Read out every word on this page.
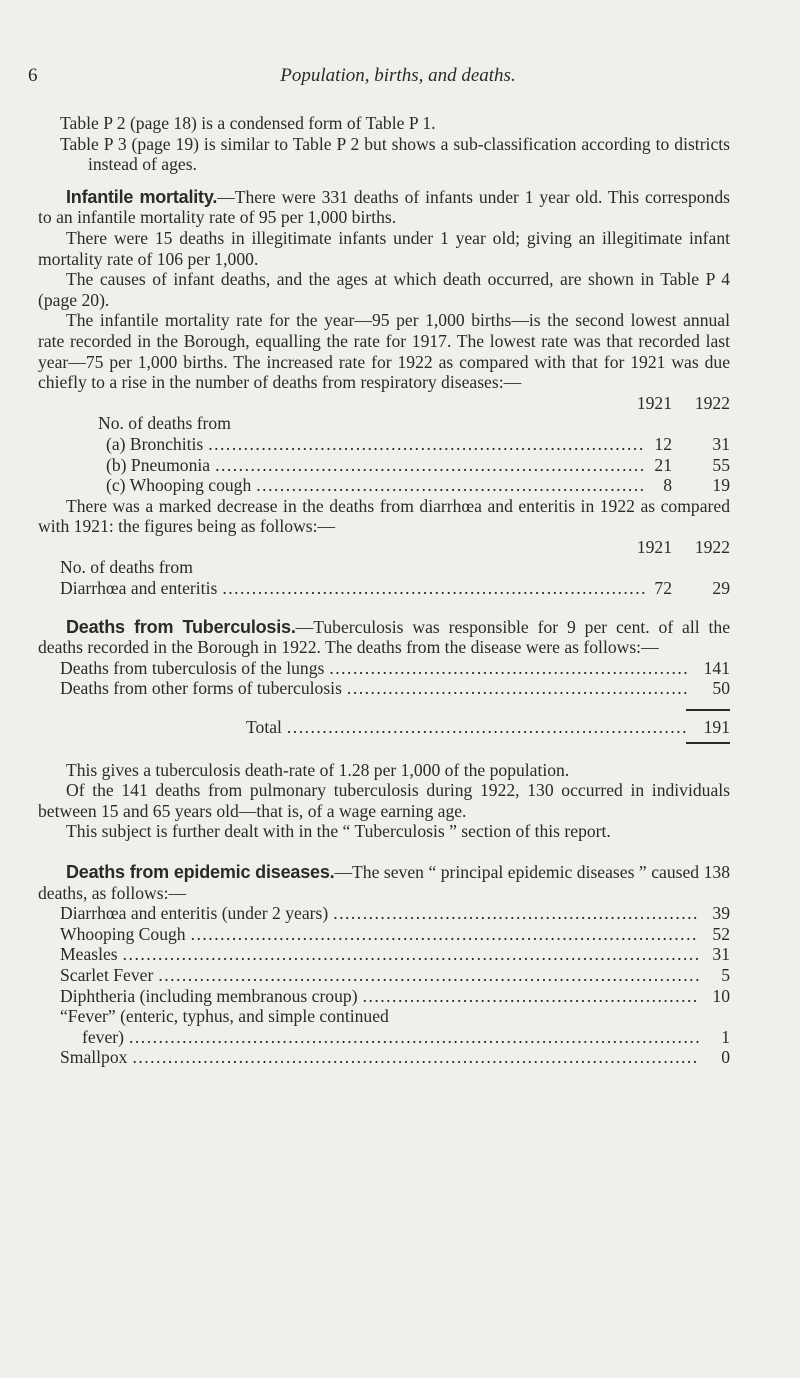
6	Population, births, and deaths.

Table P 2 (page 18) is a condensed form of Table P 1.

Table P 3 (page 19) is similar to Table P 2 but shows a sub-classification according to districts instead of ages.

Infantile mortality.—There were 331 deaths of infants under 1 year old. This corresponds to an infantile mortality rate of 95 per 1,000 births.

There were 15 deaths in illegitimate infants under 1 year old; giving an illegitimate infant mortality rate of 106 per 1,000.

The causes of infant deaths, and the ages at which death occurred, are shown in Table P 4 (page 20).

The infantile mortality rate for the year—95 per 1,000 births—is the second lowest annual rate recorded in the Borough, equalling the rate for 1917. The lowest rate was that recorded last year—75 per 1,000 births. The increased rate for 1922 as compared with that for 1921 was due chiefly to a rise in the number of deaths from respiratory diseases:—

1921	1922
No. of deaths from
(a) Bronchitis .....	12	31
(b) Pneumonia .....	21	55
(c) Whooping cough .....	8	19

There was a marked decrease in the deaths from diarrhœa and enteritis in 1922 as compared with 1921: the figures being as follows:—

1921	1922
No. of deaths from
Diarrhœa and enteritis .....	72	29

Deaths from Tuberculosis.—Tuberculosis was responsible for 9 per cent. of all the deaths recorded in the Borough in 1922. The deaths from the disease were as follows:—

Deaths from tuberculosis of the lungs .....	141
Deaths from other forms of tuberculosis .....	50
Total .....	191

This gives a tuberculosis death-rate of 1.28 per 1,000 of the population.

Of the 141 deaths from pulmonary tuberculosis during 1922, 130 occurred in individuals between 15 and 65 years old—that is, of a wage earning age.

This subject is further dealt with in the “ Tuberculosis ” section of this report.

Deaths from epidemic diseases.—The seven “ principal epidemic diseases ” caused 138 deaths, as follows:—

Diarrhœa and enteritis (under 2 years) .....	39
Whooping Cough .....	52
Measles .....	31
Scarlet Fever .....	5
Diphtheria (including membranous croup) .....	10
“Fever” (enteric, typhus, and simple continued
fever) .....	1
Smallpox .....	0
